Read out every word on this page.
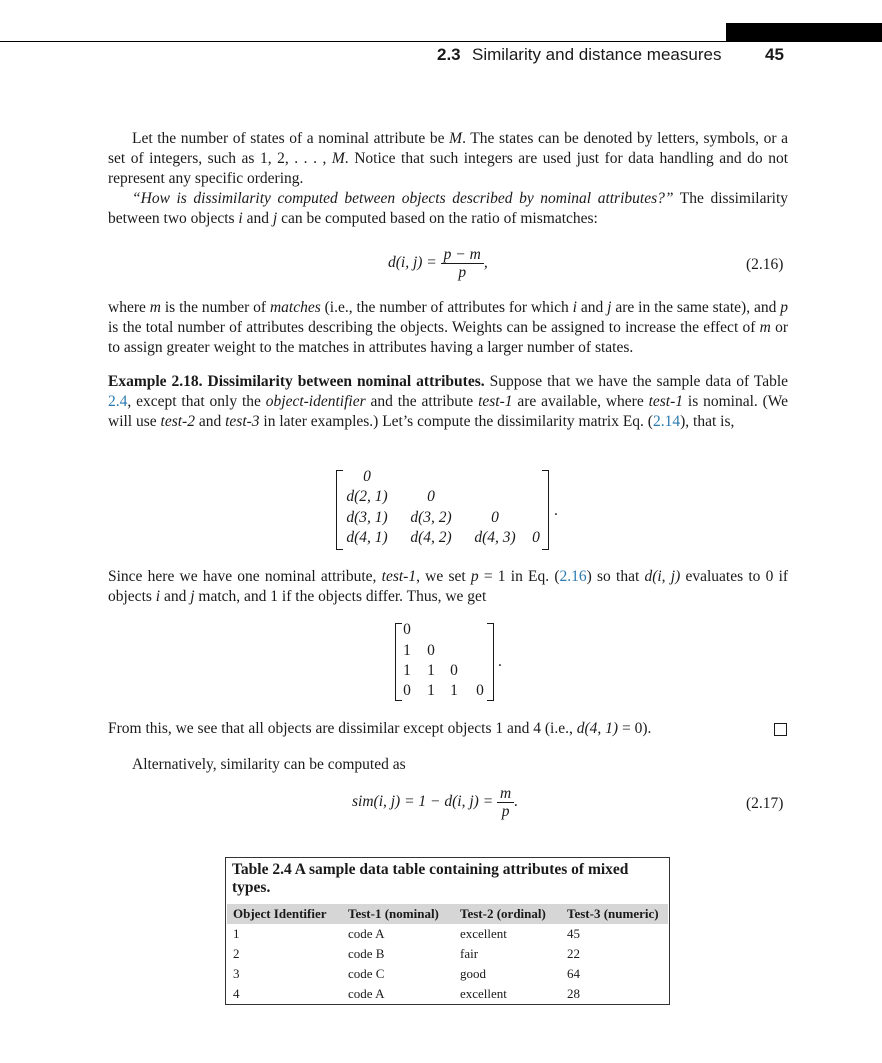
2.3 Similarity and distance measures	45
Let the number of states of a nominal attribute be M. The states can be denoted by letters, symbols, or a set of integers, such as 1, 2, . . . , M. Notice that such integers are used just for data handling and do not represent any specific ordering.
“How is dissimilarity computed between objects described by nominal attributes?” The dissimilarity between two objects i and j can be computed based on the ratio of mismatches:
d(i, $j) = \frac{p - m}{p}$ ,	(2.16)
where m is the number of matches (i.e., the number of attributes for which i and j are in the same state), and p is the total number of attributes describing the objects. Weights can be assigned to increase the effect of m or to assign greater weight to the matches in attributes having a larger number of states.
Example 2.18. Dissimilarity between nominal attributes. Suppose that we have the sample data of Table 2.4, except that only the object-identifier and the attribute test-1 are available, where test-1 is nominal. (We will use test-2 and test-3 in later examples.) Let’s compute the dissimilarity matrix Eq. (2.14), that is,
0
d(2, 1)	0
d(3, 1)	d(3, 2)	0
d(4, 1)	d(4, 2)	d(4, 3)	0
.
Since here we have one nominal attribute, test-1, we set p = 1 in Eq. (2.16) so that d(i, j) evaluates to 0 if objects i and j match, and 1 if the objects differ. Thus, we get
0
1 0
1 1 0
0 1 1 0
.
From this, we see that all objects are dissimilar except objects 1 and 4 (i.e., d(4, 1) = 0).
Alternatively, similarity can be computed as
sim(i, j) = 1 − d(i, $j) = \frac{m}{p}$ .	(2.17)
Table 2.4 A sample data table containing attributes of mixed types.
Object Identifier	Test-1 (nominal)	Test-2 (ordinal)	Test-3 (numeric)
1	code A	excellent	45
2	code B	fair	22
3	code C	good	64
4	code A	excellent	28
